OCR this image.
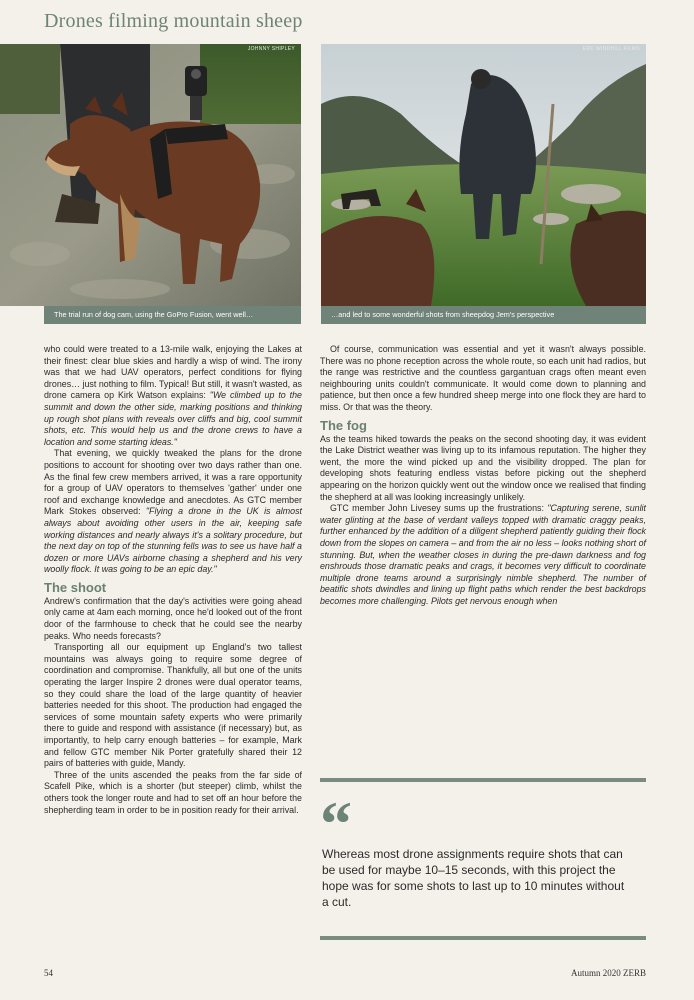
Drones filming mountain sheep
JOHNNY SHIPLEY
The trial run of dog cam, using the GoPro Fusion, went well…
ERC WINDHILL FILMS
…and led to some wonderful shots from sheepdog Jem's perspective

who could were treated to a 13-mile walk, enjoying the Lakes at their finest: clear blue skies and hardly a wisp of wind. The irony was that we had UAV operators, perfect conditions for flying drones… just nothing to film. Typical! But still, it wasn't wasted, as drone camera op Kirk Watson explains: "We climbed up to the summit and down the other side, marking positions and thinking up rough shot plans with reveals over cliffs and big, cool summit shots, etc. This would help us and the drone crews to have a location and some starting ideas."

That evening, we quickly tweaked the plans for the drone positions to account for shooting over two days rather than one. As the final few crew members arrived, it was a rare opportunity for a group of UAV operators to themselves 'gather' under one roof and exchange knowledge and anecdotes. As GTC member Mark Stokes observed: "Flying a drone in the UK is almost always about avoiding other users in the air, keeping safe working distances and nearly always it's a solitary procedure, but the next day on top of the stunning fells was to see us have half a dozen or more UAVs airborne chasing a shepherd and his very woolly flock. It was going to be an epic day."

The shoot

Andrew's confirmation that the day's activities were going ahead only came at 4am each morning, once he'd looked out of the front door of the farmhouse to check that he could see the nearby peaks. Who needs forecasts?

Transporting all our equipment up England's two tallest mountains was always going to require some degree of coordination and compromise. Thankfully, all but one of the units operating the larger Inspire 2 drones were dual operator teams, so they could share the load of the large quantity of heavier batteries needed for this shoot. The production had engaged the services of some mountain safety experts who were primarily there to guide and respond with assistance (if necessary) but, as importantly, to help carry enough batteries – for example, Mark and fellow GTC member Nik Porter gratefully shared their 12 pairs of batteries with guide, Mandy.

Three of the units ascended the peaks from the far side of Scafell Pike, which is a shorter (but steeper) climb, whilst the others took the longer route and had to set off an hour before the shepherding team in order to be in position ready for their arrival.

Of course, communication was essential and yet it wasn't always possible. There was no phone reception across the whole route, so each unit had radios, but the range was restrictive and the countless gargantuan crags often meant even neighbouring units couldn't communicate. It would come down to planning and patience, but then once a few hundred sheep merge into one flock they are hard to miss. Or that was the theory.

The fog

As the teams hiked towards the peaks on the second shooting day, it was evident the Lake District weather was living up to its infamous reputation. The higher they went, the more the wind picked up and the visibility dropped. The plan for developing shots featuring endless vistas before picking out the shepherd appearing on the horizon quickly went out the window once we realised that finding the shepherd at all was looking increasingly unlikely.

GTC member John Livesey sums up the frustrations: "Capturing serene, sunlit water glinting at the base of verdant valleys topped with dramatic craggy peaks, further enhanced by the addition of a diligent shepherd patiently guiding their flock down from the slopes on camera – and from the air no less – looks nothing short of stunning. But, when the weather closes in during the pre-dawn darkness and fog enshrouds those dramatic peaks and crags, it becomes very difficult to coordinate multiple drone teams around a surprisingly nimble shepherd. The number of beatific shots dwindles and lining up flight paths which render the best backdrops becomes more challenging. Pilots get nervous enough when

“
Whereas most drone assignments require shots that can be used for maybe 10–15 seconds, with this project the hope was for some shots to last up to 10 minutes without a cut.
54	Autumn 2020 ZERB
